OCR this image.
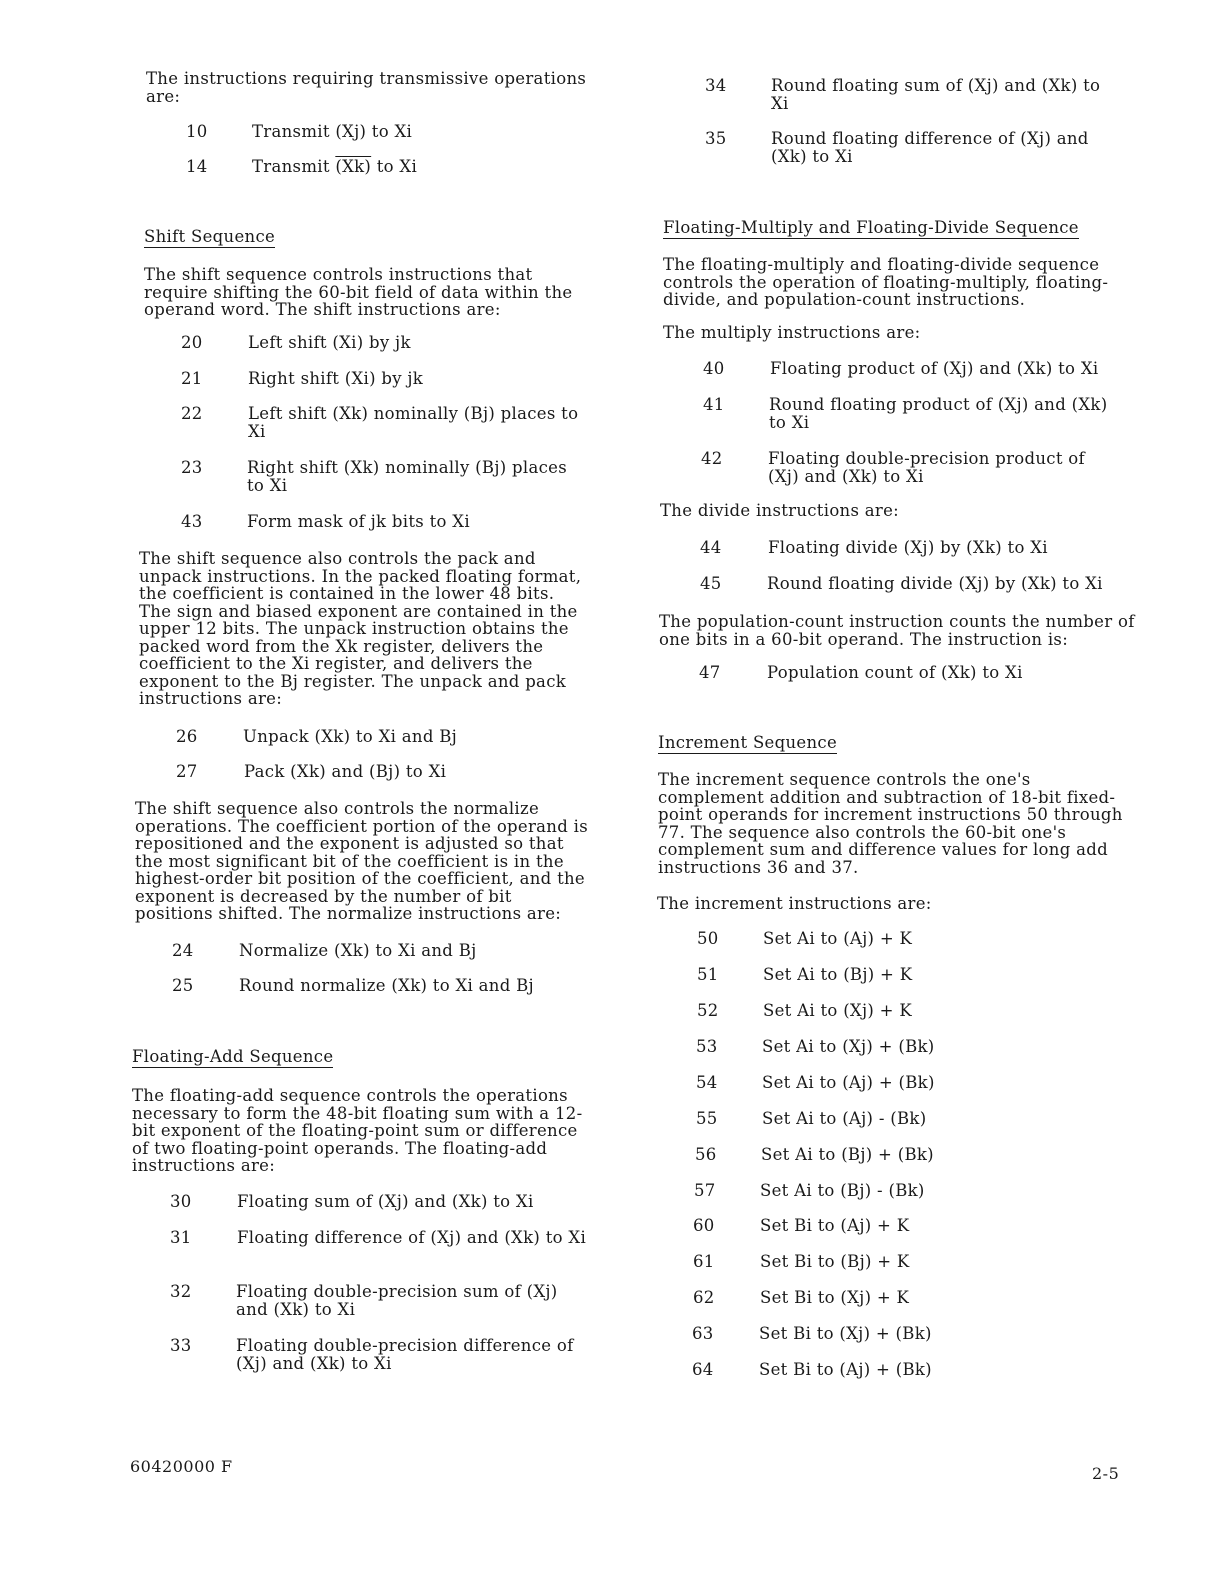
The instructions requiring transmissive operations are:

10	Transmit (Xj) to Xi
14	Transmit (Xk) to Xi
Shift Sequence

The shift sequence controls instructions that require shifting the 60-bit field of data within the operand word. The shift instructions are:

20	Left shift (Xi) by jk
21	Right shift (Xi) by jk
22	Left shift (Xk) nominally (Bj) places to Xi
23	Right shift (Xk) nominally (Bj) places to Xi
43	Form mask of jk bits to Xi

The shift sequence also controls the pack and unpack instructions. In the packed floating format, the coefficient is contained in the lower 48 bits. The sign and biased exponent are contained in the upper 12 bits. The unpack instruction obtains the packed word from the Xk register, delivers the coefficient to the Xi register, and delivers the exponent to the Bj register. The unpack and pack instructions are:

26	Unpack (Xk) to Xi and Bj
27	Pack (Xk) and (Bj) to Xi

The shift sequence also controls the normalize operations. The coefficient portion of the operand is repositioned and the exponent is adjusted so that the most significant bit of the coefficient is in the highest-order bit position of the coefficient, and the exponent is decreased by the number of bit positions shifted. The normalize instructions are:

24	Normalize (Xk) to Xi and Bj
25	Round normalize (Xk) to Xi and Bj
Floating-Add Sequence

The floating-add sequence controls the operations necessary to form the 48-bit floating sum with a 12-bit exponent of the floating-point sum or difference of two floating-point operands. The floating-add instructions are:

30	Floating sum of (Xj) and (Xk) to Xi
31	Floating difference of (Xj) and (Xk) to Xi
32	Floating double-precision sum of (Xj) and (Xk) to Xi
33	Floating double-precision difference of (Xj) and (Xk) to Xi
34	Round floating sum of (Xj) and (Xk) to Xi
35	Round floating difference of (Xj) and (Xk) to Xi
Floating-Multiply and Floating-Divide Sequence

The floating-multiply and floating-divide sequence controls the operation of floating-multiply, floating-divide, and population-count instructions.

The multiply instructions are:

40	Floating product of (Xj) and (Xk) to Xi
41	Round floating product of (Xj) and (Xk) to Xi
42	Floating double-precision product of (Xj) and (Xk) to Xi

The divide instructions are:

44	Floating divide (Xj) by (Xk) to Xi
45	Round floating divide (Xj) by (Xk) to Xi

The population-count instruction counts the number of one bits in a 60-bit operand. The instruction is:

47	Population count of (Xk) to Xi
Increment Sequence

The increment sequence controls the one's complement addition and subtraction of 18-bit fixed-point operands for increment instructions 50 through 77. The sequence also controls the 60-bit one's complement sum and difference values for long add instructions 36 and 37.

The increment instructions are:

50	Set Ai to (Aj) + K
51	Set Ai to (Bj) + K
52	Set Ai to (Xj) + K
53	Set Ai to (Xj) + (Bk)
54	Set Ai to (Aj) + (Bk)
55	Set Ai to (Aj) - (Bk)
56	Set Ai to (Bj) + (Bk)
57	Set Ai to (Bj) - (Bk)
60	Set Bi to (Aj) + K
61	Set Bi to (Bj) + K
62	Set Bi to (Xj) + K
63	Set Bi to (Xj) + (Bk)
64	Set Bi to (Aj) + (Bk)
60420000 F	2-5
